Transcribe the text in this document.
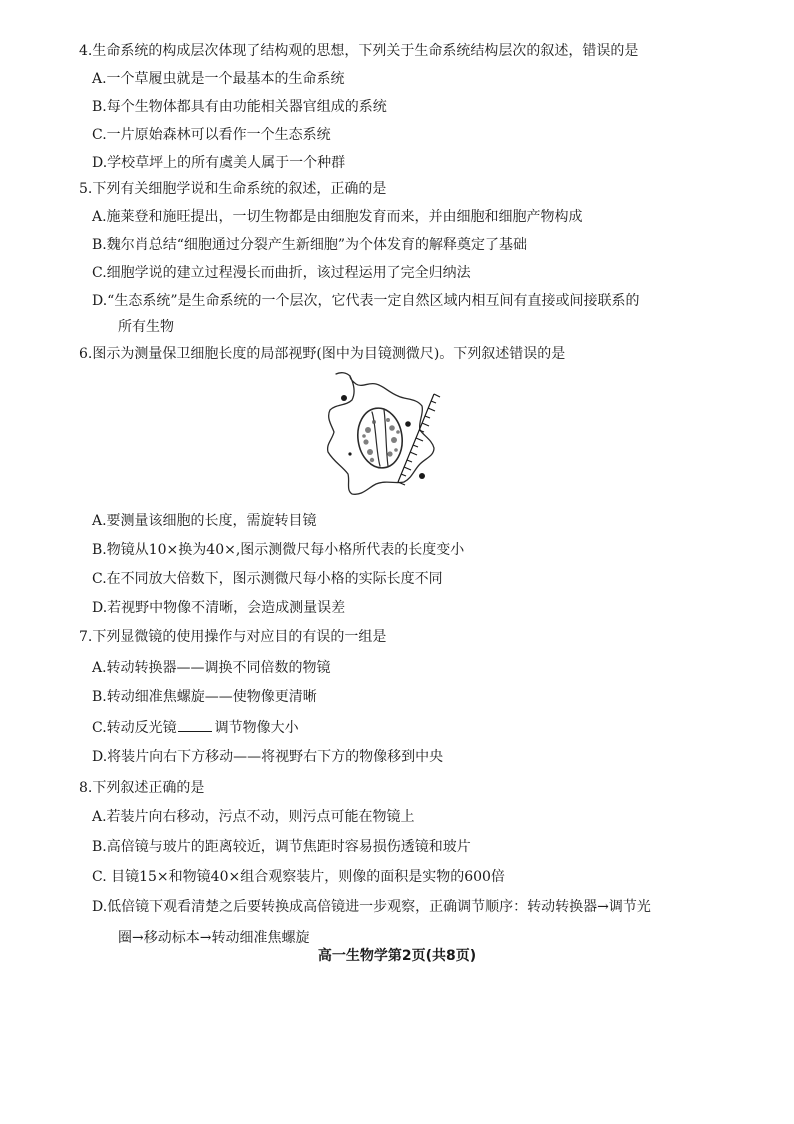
4.生命系统的构成层次体现了结构观的思想，下列关于生命系统结构层次的叙述，错误的是
A.一个草履虫就是一个最基本的生命系统
B.每个生物体都具有由功能相关器官组成的系统
C.一片原始森林可以看作一个生态系统
D.学校草坪上的所有虞美人属于一个种群
5.下列有关细胞学说和生命系统的叙述，正确的是
A.施莱登和施旺提出，一切生物都是由细胞发育而来，并由细胞和细胞产物构成
B.魏尔肖总结“细胞通过分裂产生新细胞”为个体发育的解释奠定了基础
C.细胞学说的建立过程漫长而曲折，该过程运用了完全归纳法
D.“生态系统”是生命系统的一个层次，它代表一定自然区域内相互间有直接或间接联系的
所有生物
6.图示为测量保卫细胞长度的局部视野(图中为目镜测微尺)。下列叙述错误的是
A.要测量该细胞的长度，需旋转目镜
B.物镜从10×换为40×,图示测微尺每小格所代表的长度变小
C.在不同放大倍数下，图示测微尺每小格的实际长度不同
D.若视野中物像不清晰，会造成测量误差
7.下列显微镜的使用操作与对应目的有误的一组是
A.转动转换器——调换不同倍数的物镜
B.转动细准焦螺旋——使物像更清晰
C.转动反光镜	调节物像大小
D.将装片向右下方移动——将视野右下方的物像移到中央
8.下列叙述正确的是
A.若装片向右移动，污点不动，则污点可能在物镜上
B.高倍镜与玻片的距离较近，调节焦距时容易损伤透镜和玻片
C. 目镜15×和物镜40×组合观察装片，则像的面积是实物的600倍
D.低倍镜下观看清楚之后要转换成高倍镜进一步观察，正确调节顺序：转动转换器→调节光
圈→移动标本→转动细准焦螺旋
高一生物学第2页(共8页)
